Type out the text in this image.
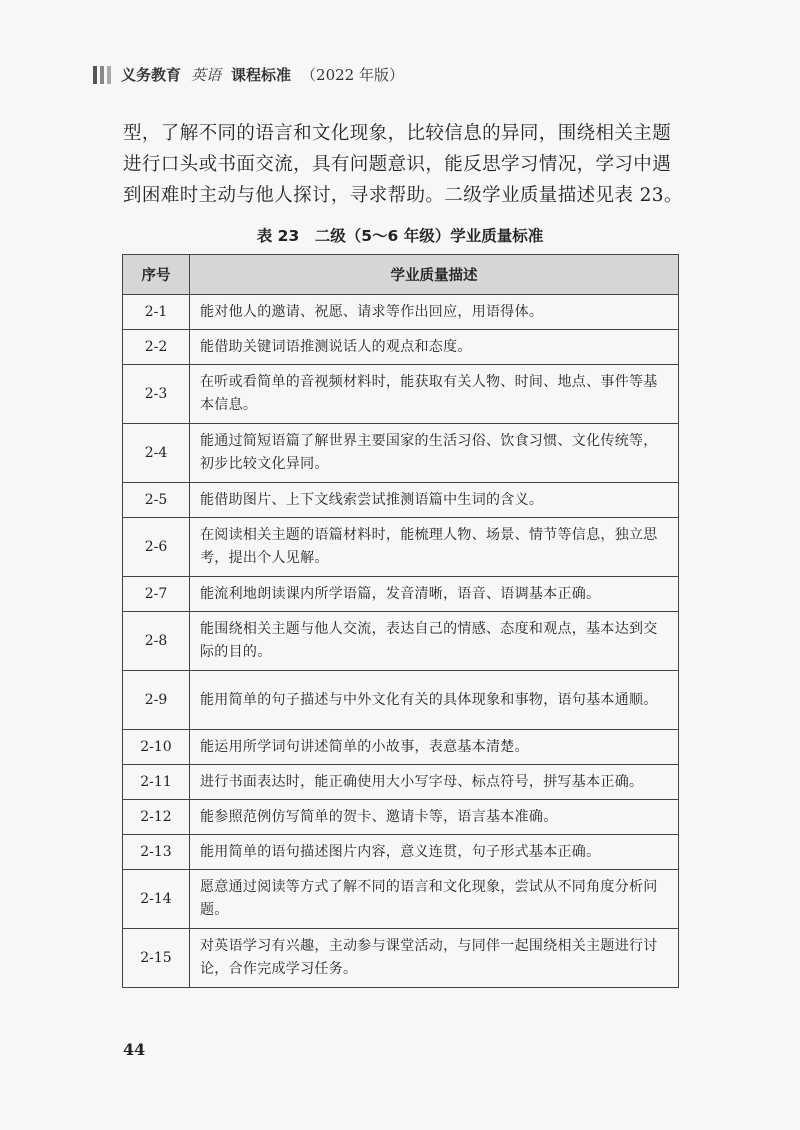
义务教育 英语 课程标准 （2022 年版）
型，了解不同的语言和文化现象，比较信息的异同，围绕相关主题进行口头或书面交流，具有问题意识，能反思学习情况，学习中遇到困难时主动与他人探讨，寻求帮助。二级学业质量描述见表 23。
表 23　二级（5～6 年级）学业质量标准
序号	学业质量描述
2-1	能对他人的邀请、祝愿、请求等作出回应，用语得体。
2-2	能借助关键词语推测说话人的观点和态度。
2-3	在听或看简单的音视频材料时，能获取有关人物、时间、地点、事件等基本信息。
2-4	能通过简短语篇了解世界主要国家的生活习俗、饮食习惯、文化传统等，初步比较文化异同。
2-5	能借助图片、上下文线索尝试推测语篇中生词的含义。
2-6	在阅读相关主题的语篇材料时，能梳理人物、场景、情节等信息，独立思考，提出个人见解。
2-7	能流利地朗读课内所学语篇，发音清晰，语音、语调基本正确。
2-8	能围绕相关主题与他人交流，表达自己的情感、态度和观点，基本达到交际的目的。
2-9	能用简单的句子描述与中外文化有关的具体现象和事物，语句基本通顺。
2-10	能运用所学词句讲述简单的小故事，表意基本清楚。
2-11	进行书面表达时，能正确使用大小写字母、标点符号，拼写基本正确。
2-12	能参照范例仿写简单的贺卡、邀请卡等，语言基本准确。
2-13	能用简单的语句描述图片内容，意义连贯，句子形式基本正确。
2-14	愿意通过阅读等方式了解不同的语言和文化现象，尝试从不同角度分析问题。
2-15	对英语学习有兴趣，主动参与课堂活动，与同伴一起围绕相关主题进行讨论，合作完成学习任务。
44
